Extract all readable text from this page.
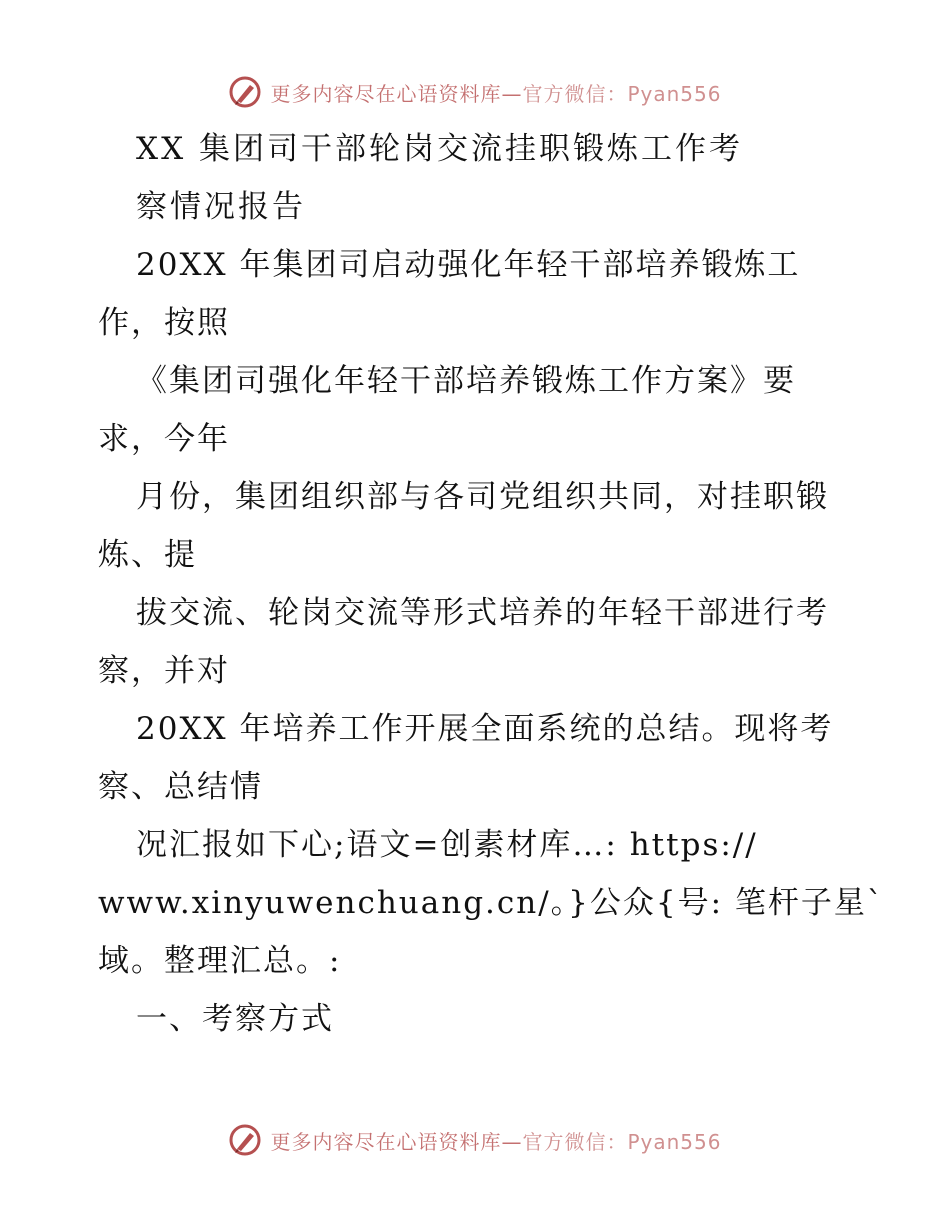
更多内容尽在心语资料库—官方微信：Pyan556
XX 集团司干部轮岗交流挂职锻炼工作考
察情况报告
20XX 年集团司启动强化年轻干部培养锻炼工
作，按照
《集团司强化年轻干部培养锻炼工作方案》要
求，今年
月份，集团组织部与各司党组织共同，对挂职锻
炼、提
拔交流、轮岗交流等形式培养的年轻干部进行考
察，并对
20XX 年培养工作开展全面系统的总结。现将考
察、总结情
况汇报如下心;语文=创素材库…: https://
www.xinyuwenchuang.cn/。}公众{号: 笔杆子星`
域。整理汇总。:
一、考察方式
更多内容尽在心语资料库—官方微信：Pyan556
